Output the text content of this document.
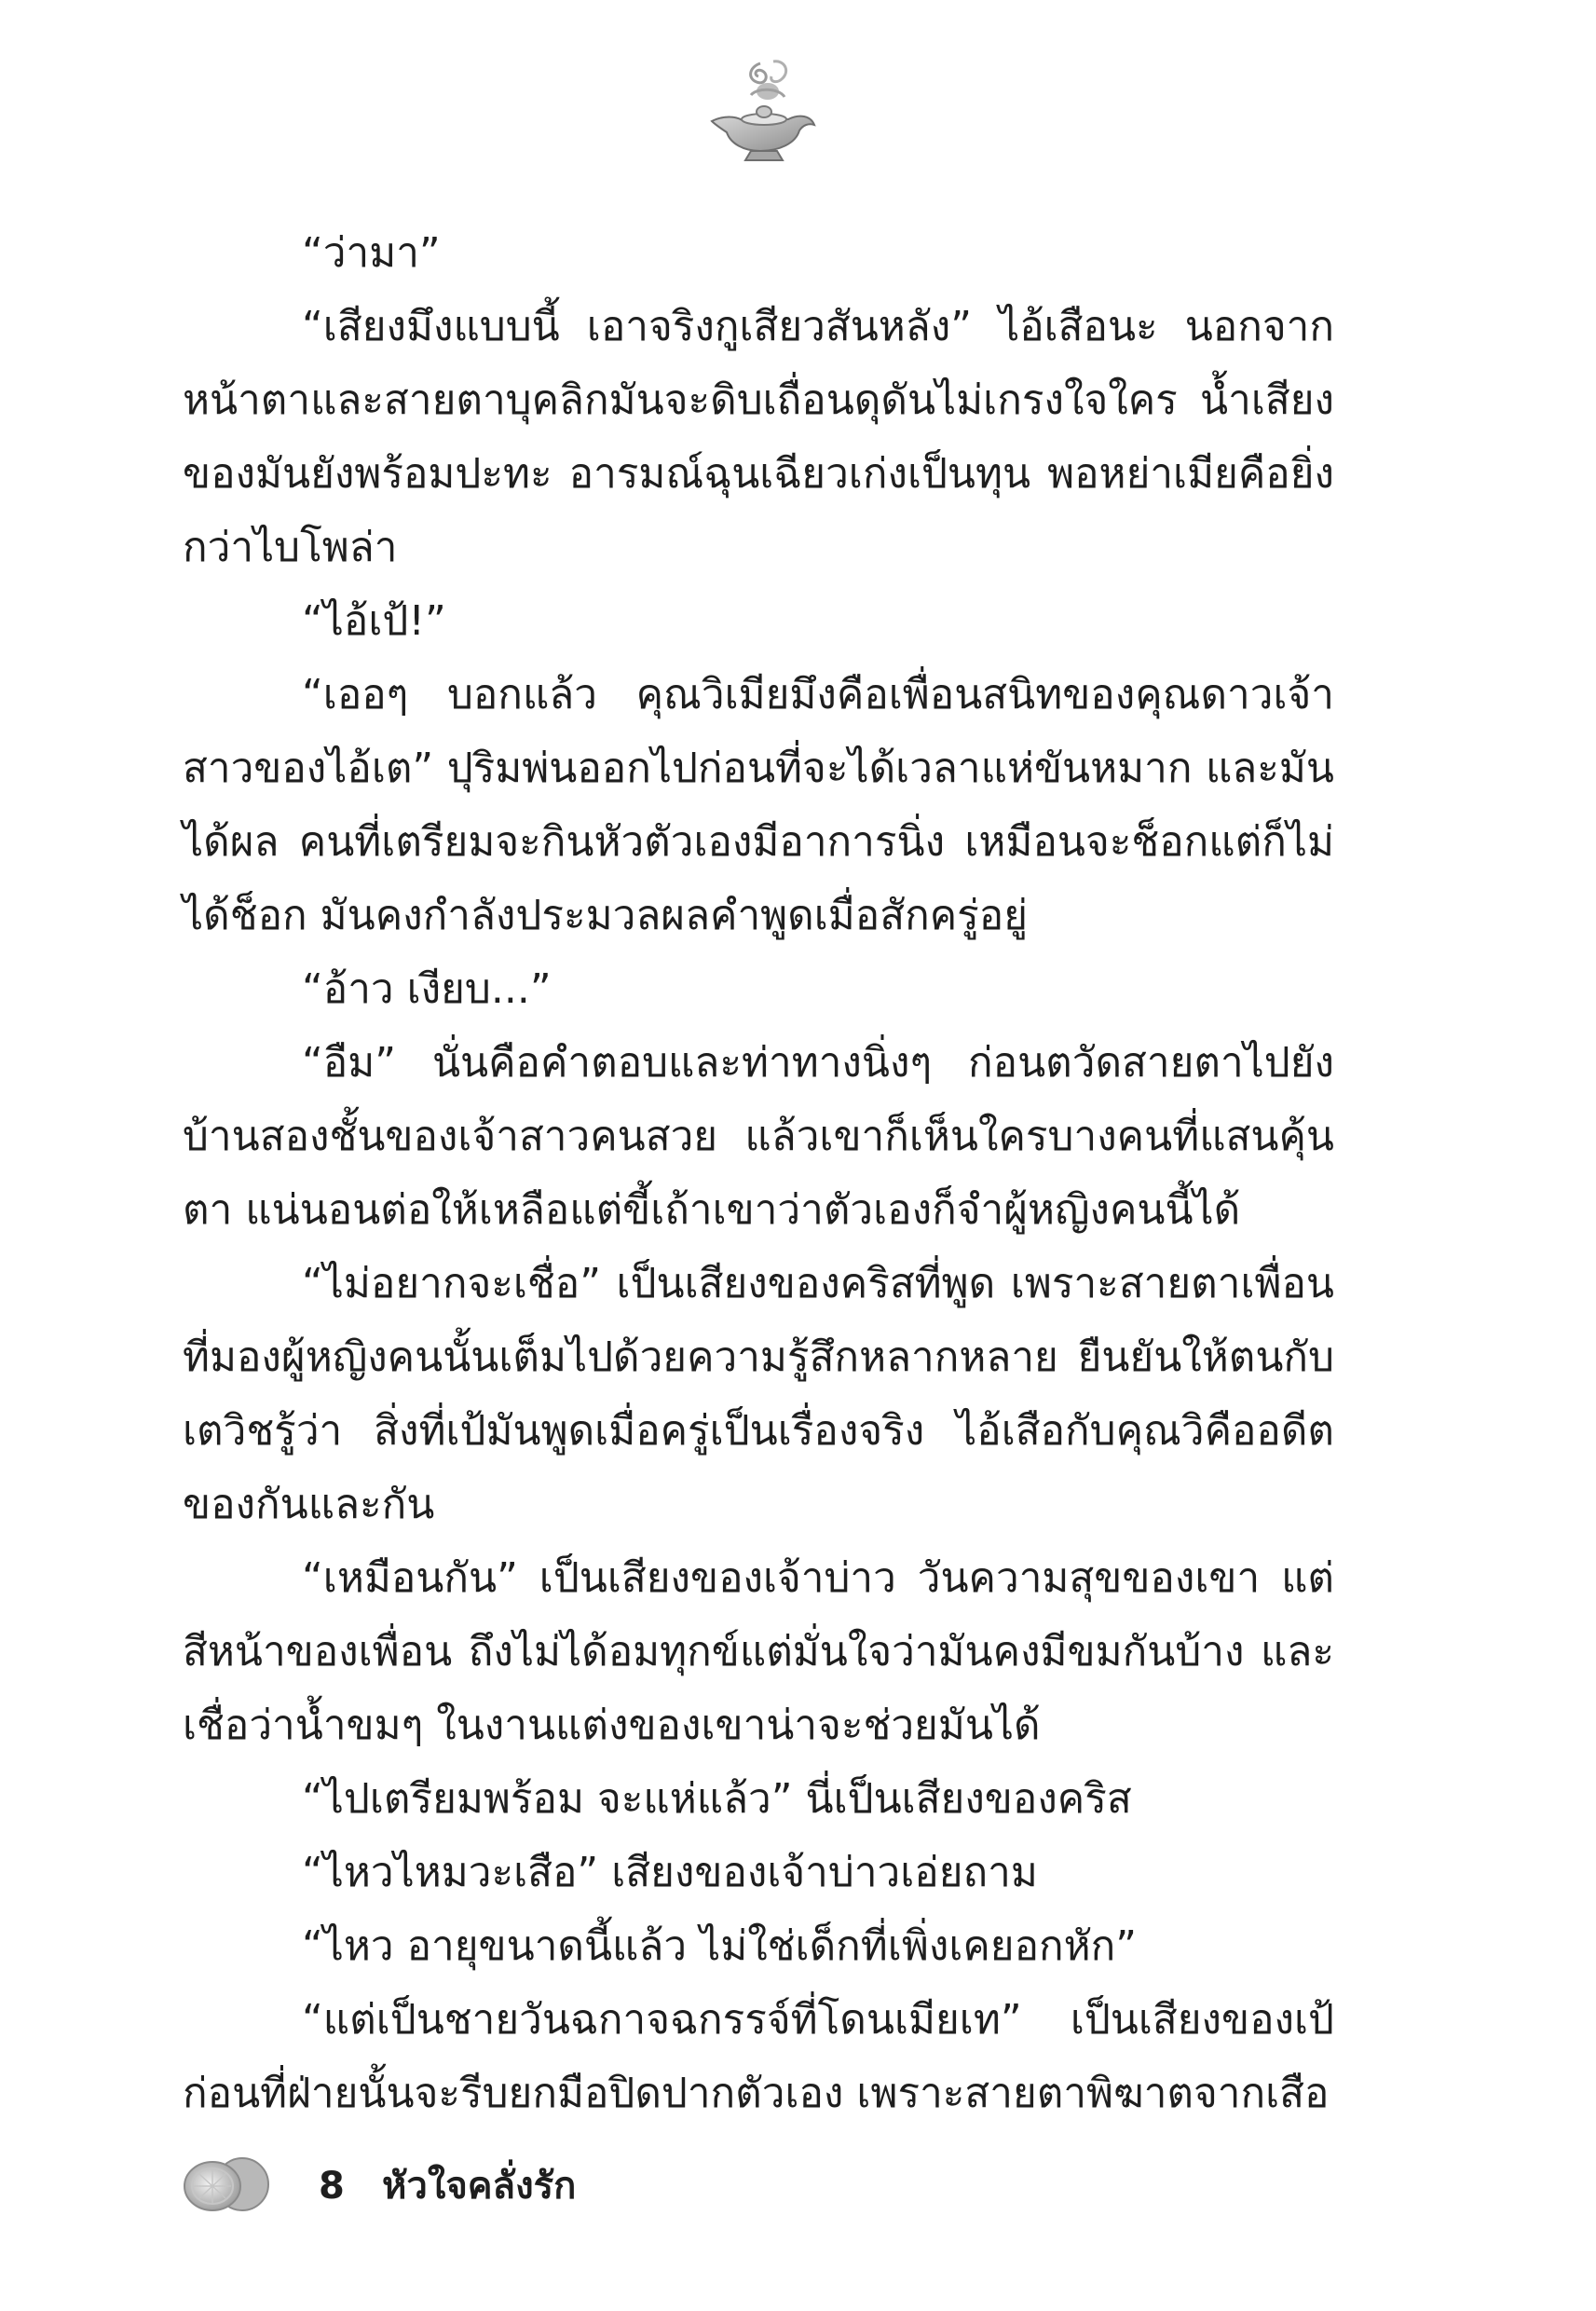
“ว่ามา”

“เสียงมึงแบบนี้ เอาจริงกูเสียวสันหลัง” ไอ้เสือนะ นอกจากหน้าตาและสายตาบุคลิกมันจะดิบเถื่อนดุดันไม่เกรงใจใคร น้ำเสียงของมันยังพร้อมปะทะ อารมณ์ฉุนเฉียวเก่งเป็นทุน พอหย่าเมียคือยิ่งกว่าไบโพล่า

“ไอ้เป้!”

“เออๆ บอกแล้ว คุณวิเมียมึงคือเพื่อนสนิทของคุณดาวเจ้าสาวของไอ้เต” ปุริมพ่นออกไปก่อนที่จะได้เวลาแห่ขันหมาก และมันได้ผล คนที่เตรียมจะกินหัวตัวเองมีอาการนิ่ง เหมือนจะช็อกแต่ก็ไม่ได้ช็อก มันคงกำลังประมวลผลคำพูดเมื่อสักครู่อยู่

“อ้าว เงียบ...”

“อืม” นั่นคือคำตอบและท่าทางนิ่งๆ ก่อนตวัดสายตาไปยังบ้านสองชั้นของเจ้าสาวคนสวย แล้วเขาก็เห็นใครบางคนที่แสนคุ้นตา แน่นอนต่อให้เหลือแต่ขี้เถ้าเขาว่าตัวเองก็จำผู้หญิงคนนี้ได้

“ไม่อยากจะเชื่อ” เป็นเสียงของคริสที่พูด เพราะสายตาเพื่อนที่มองผู้หญิงคนนั้นเต็มไปด้วยความรู้สึกหลากหลาย ยืนยันให้ตนกับเตวิชรู้ว่า สิ่งที่เป้มันพูดเมื่อครู่เป็นเรื่องจริง ไอ้เสือกับคุณวิคืออดีตของกันและกัน

“เหมือนกัน” เป็นเสียงของเจ้าบ่าว วันความสุขของเขา แต่สีหน้าของเพื่อน ถึงไม่ได้อมทุกข์แต่มั่นใจว่ามันคงมีขมกันบ้าง และเชื่อว่าน้ำขมๆ ในงานแต่งของเขาน่าจะช่วยมันได้

“ไปเตรียมพร้อม จะแห่แล้ว” นี่เป็นเสียงของคริส

“ไหวไหมวะเสือ” เสียงของเจ้าบ่าวเอ่ยถาม

“ไหว อายุขนาดนี้แล้ว ไม่ใช่เด็กที่เพิ่งเคยอกหัก”

“แต่เป็นชายวันฉกาจฉกรรจ์ที่โดนเมียเท” เป็นเสียงของเป้ก่อนที่ฝ่ายนั้นจะรีบยกมือปิดปากตัวเอง เพราะสายตาพิฆาตจากเสือ

8 หัวใจคลั่งรัก
